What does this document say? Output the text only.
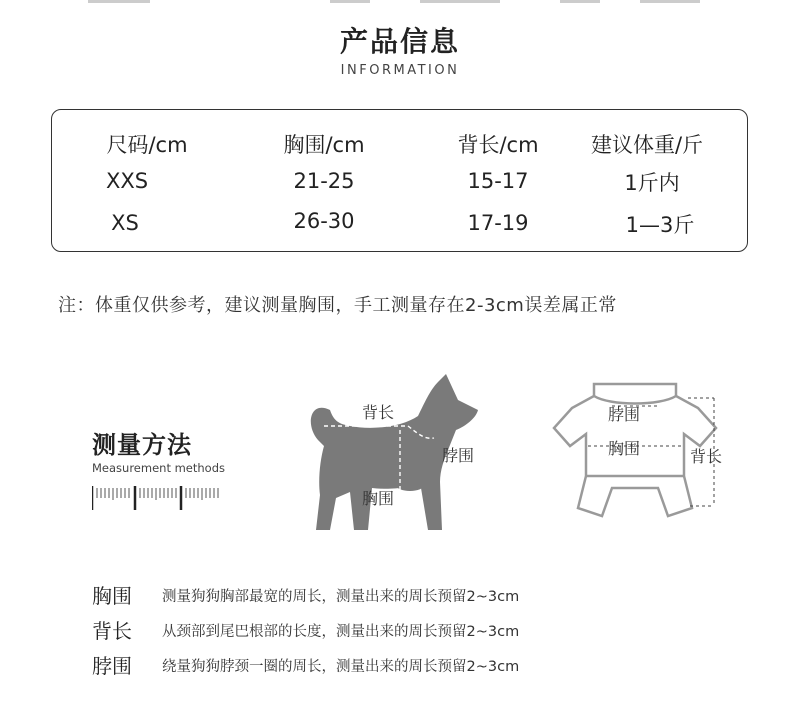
产品信息
INFORMATION
尺码/cm	胸围/cm	背长/cm	建议体重/斤
XXS	21-25	15-17	1斤内
XS	26-30	17-19	1—3斤
注：体重仅供参考，建议测量胸围，手工测量存在2-3cm误差属正常
测量方法
Measurement methods
背长
脖围
胸围
脖围
胸围	背长
胸围 测量狗狗胸部最宽的周长，测量出来的周长预留2~3cm
背长 从颈部到尾巴根部的长度，测量出来的周长预留2~3cm
脖围 绕量狗狗脖颈一圈的周长，测量出来的周长预留2~3cm
